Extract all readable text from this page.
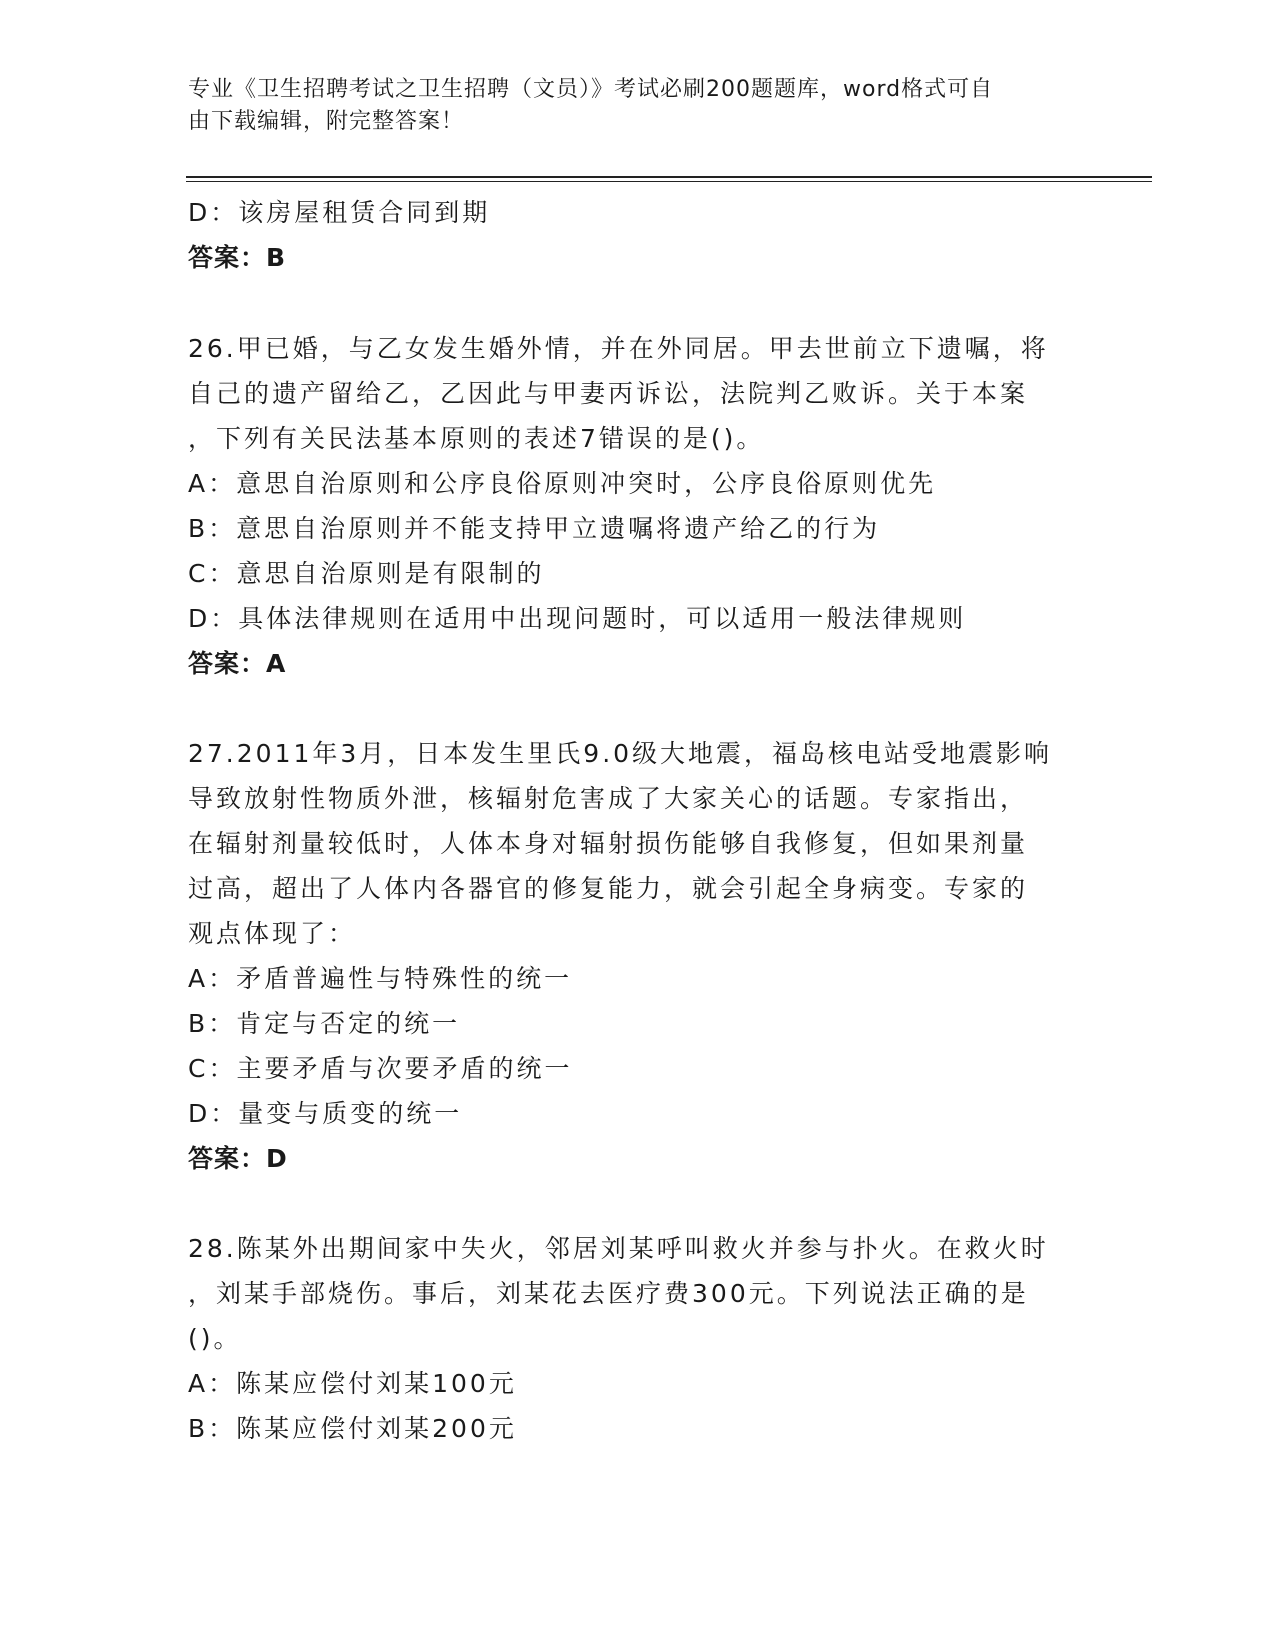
专业《卫生招聘考试之卫生招聘（文员）》考试必刷200题题库，word格式可自
由下载编辑，附完整答案！
D：该房屋租赁合同到期
答案：B
26.甲已婚，与乙女发生婚外情，并在外同居。甲去世前立下遗嘱，将
自己的遗产留给乙，乙因此与甲妻丙诉讼，法院判乙败诉。关于本案
，下列有关民法基本原则的表述7错误的是()。
A：意思自治原则和公序良俗原则冲突时，公序良俗原则优先
B：意思自治原则并不能支持甲立遗嘱将遗产给乙的行为
C：意思自治原则是有限制的
D：具体法律规则在适用中出现问题时，可以适用一般法律规则
答案：A
27.2011年3月，日本发生里氏9.0级大地震，福岛核电站受地震影响
导致放射性物质外泄，核辐射危害成了大家关心的话题。专家指出，
在辐射剂量较低时，人体本身对辐射损伤能够自我修复，但如果剂量
过高，超出了人体内各器官的修复能力，就会引起全身病变。专家的
观点体现了：
A：矛盾普遍性与特殊性的统一
B：肯定与否定的统一
C：主要矛盾与次要矛盾的统一
D：量变与质变的统一
答案：D
28.陈某外出期间家中失火，邻居刘某呼叫救火并参与扑火。在救火时
，刘某手部烧伤。事后，刘某花去医疗费300元。下列说法正确的是
()。
A：陈某应偿付刘某100元
B：陈某应偿付刘某200元
